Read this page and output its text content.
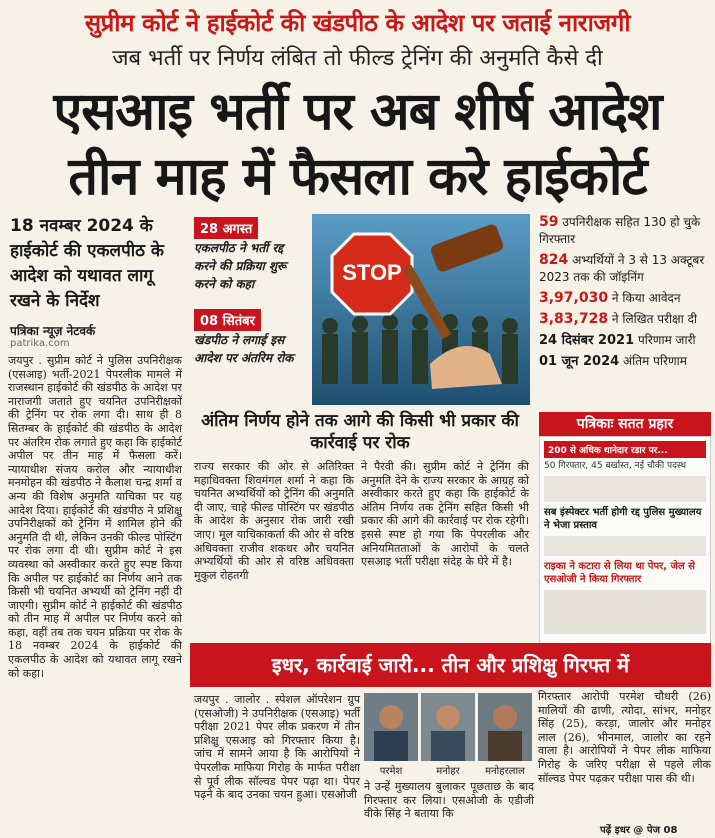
सुप्रीम कोर्ट ने हाईकोर्ट की खंडपीठ के आदेश पर जताई नाराजगी
जब भर्ती पर निर्णय लंबित तो फील्ड ट्रेनिंग की अनुमति कैसे दी
एसआइ भर्ती पर अब शीर्ष आदेश
तीन माह में फैसला करे हाईकोर्ट
18 नवम्बर 2024 के हाईकोर्ट की एकलपीठ के आदेश को यथावत लागू रखने के निर्देश
पत्रिका न्यूज़ नेटवर्क
patrika.com
जयपुर . सुप्रीम कोर्ट ने पुलिस उपनिरीक्षक (एसआइ) भर्ती-2021 पेपरलीक मामले में राजस्थान हाईकोर्ट की खंडपीठ के आदेश पर नाराजगी जताते हुए चयनित उपनिरीक्षकों की ट्रेनिंग पर रोक लगा दी। साथ ही 8 सितम्बर के हाईकोर्ट की खंडपीठ के आदेश पर अंतरिम रोक लगाते हुए कहा कि हाईकोर्ट अपील पर तीन माह में फैसला करें। न्यायाधीश संजय करोल और न्यायाधीश मनमोहन की खंडपीठ ने कैलाश चन्द्र शर्मा व अन्य की विशेष अनुमति याचिका पर यह आदेश दिया। हाईकोर्ट की खंडपीठ ने प्रशिक्षु उपनिरीक्षकों को ट्रेनिंग में शामिल होने की अनुमति दी थी, लेकिन उनकी फील्ड पोस्टिंग पर रोक लगा दी थी। सुप्रीम कोर्ट ने इस व्यवस्था को अस्वीकार करते हुए स्पष्ट किया कि अपील पर हाईकोर्ट का निर्णय आने तक किसी भी चयनित अभ्यर्थी को ट्रेनिंग नहीं दी जाएगी। सुप्रीम कोर्ट ने हाईकोर्ट की खंडपीठ को तीन माह में अपील पर निर्णय करने को कहा, वहीं तब तक चयन प्रक्रिया पर रोक के 18 नवम्बर 2024 के हाईकोर्ट की एकलपीठ के आदेश को यथावत लागू रखने को कहा।
28 अगस्त
एकलपीठ ने भर्ती रद्द करने की प्रक्रिया शुरू करने को कहा
08 सितंबर
खंडपीठ ने लगाई इस आदेश पर अंतरिम रोक
STOP
59 उपनिरीक्षक सहित 130 हो चुके गिरफ्तार
824 अभ्यर्थियों ने 3 से 13 अक्टूबर 2023 तक की जॉइनिंग
3,97,030 ने किया आवेदन
3,83,728 ने लिखित परीक्षा दी
24 दिसंबर 2021 परिणाम जारी
01 जून 2024 अंतिम परिणाम
अंतिम निर्णय होने तक आगे की किसी भी प्रकार की कार्रवाई पर रोक
राज्य सरकार की ओर से अतिरिक्त महाधिवक्ता शिवमंगल शर्मा ने कहा कि चयनित अभ्यर्थियों को ट्रेनिंग की अनुमति दी जाए, चाहे फील्ड पोस्टिंग पर खंडपीठ के आदेश के अनुसार रोक जारी रखी जाए। मूल याचिकाकर्ता की ओर से वरिष्ठ अधिवक्ता राजीव शकधर और चयनित अभ्यर्थियों की ओर से वरिष्ठ अधिवक्ता मुकुल रोहतगी
ने पैरवी की। सुप्रीम कोर्ट ने ट्रेनिंग की अनुमति देने के राज्य सरकार के आग्रह को अस्वीकार करते हुए कहा कि हाईकोर्ट के अंतिम निर्णय तक ट्रेनिंग सहित किसी भी प्रकार की आगे की कार्रवाई पर रोक रहेगी। इससे स्पष्ट हो गया कि पेपरलीक और अनियमितताओं के आरोपों के चलते एसआइ भर्ती परीक्षा संदेह के घेरे में है।
पत्रिकाः सतत प्रहार
200 से अधिक थानेदार रडार पर...
50 गिरफ्तार, 45 बर्खास्त, नई चौकी पदस्थ
सब इंस्पेक्टर भर्ती होगी रद्द पुलिस मुख्यालय ने भेजा प्रस्ताव
राइका ने कटारा से लिया था पेपर, जेल से एसओजी ने किया गिरफ्तार
इधर, कार्रवाई जारी... तीन और प्रशिक्षु गिरफ्त में
जयपुर . जालोर . स्पेशल ऑपरेशन ग्रुप (एसओजी) ने उपनिरीक्षक (एसआइ) भर्ती परीक्षा 2021 पेपर लीक प्रकरण में तीन प्रशिक्षु एसआइ को गिरफ्तार किया है। जांच में सामने आया है कि आरोपियों ने पेपरलीक माफिया गिरोह के मार्फत परीक्षा से पूर्व लीक सॉल्वड पेपर पढ़ा था। पेपर पढ़ने के बाद उनका चयन हुआ। एसओजी
परमेश	मनोहर	मनोहरलाल
ने उन्हें मुख्यालय बुलाकर पूछताछ के बाद गिरफ्तार कर लिया। एसओजी के एडीजी वीके सिंह ने बताया कि
गिरफ्तार आरोपी परमेश चौधरी (26) मालियों की ढाणी, त्योदा, सांभर, मनोहर सिंह (25), करड़ा, जालोर और मनोहर लाल (26), भीनमाल, जालोर का रहने वाला है। आरोपियों ने पेपर लीक माफिया गिरोह के जरिए परीक्षा से पहले लीक सॉल्वड पेपर पढ़कर परीक्षा पास की थी।
पढ़ें इधर @ पेज 08
